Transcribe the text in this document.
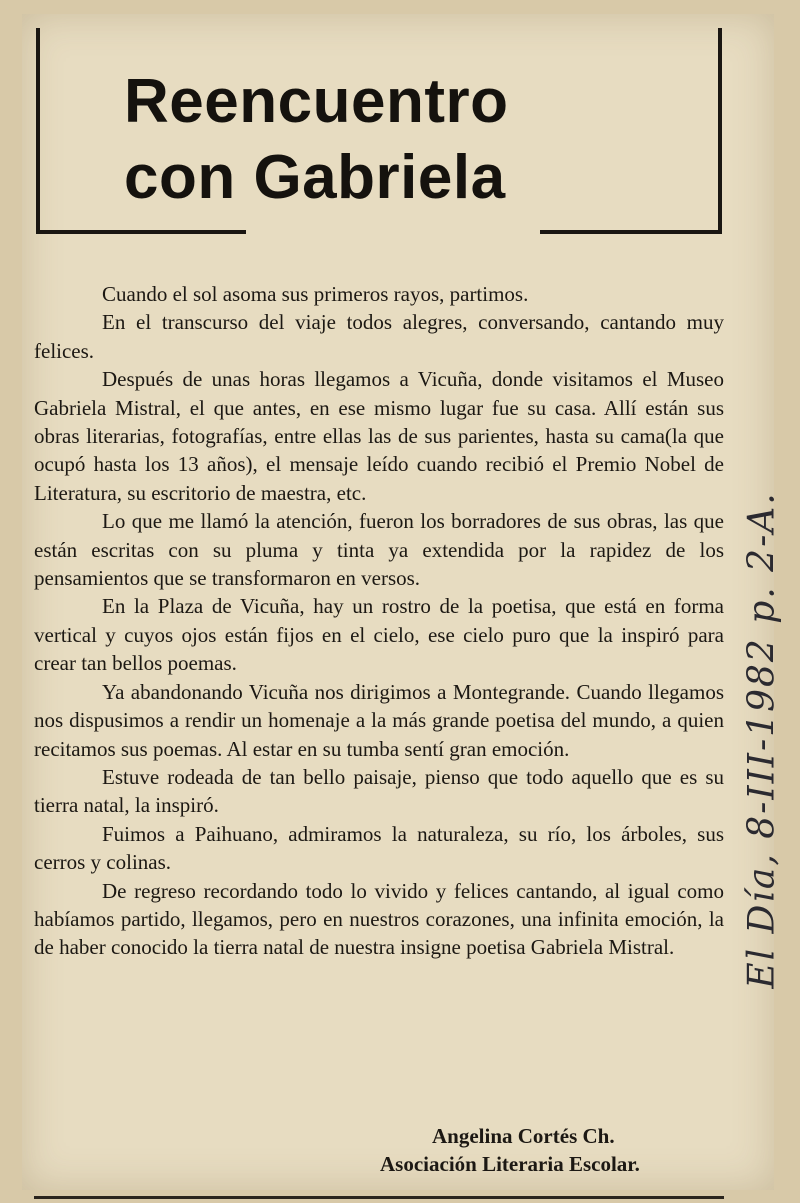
Reencuentro
con Gabriela

Cuando el sol asoma sus primeros rayos, partimos.

En el transcurso del viaje todos alegres, conversando, cantando muy felices.

Después de unas horas llegamos a Vicuña, donde visitamos el Museo Gabriela Mistral, el que antes, en ese mismo lugar fue su casa. Allí están sus obras literarias, fotografías, entre ellas las de sus parientes, hasta su cama(la que ocupó hasta los 13 años), el mensaje leído cuando recibió el Premio Nobel de Literatura, su escritorio de maestra, etc.

Lo que me llamó la atención, fueron los borradores de sus obras, las que están escritas con su pluma y tinta ya extendida por la rapidez de los pensamientos que se transformaron en versos.

En la Plaza de Vicuña, hay un rostro de la poetisa, que está en forma vertical y cuyos ojos están fijos en el cielo, ese cielo puro que la inspiró para crear tan bellos poemas.

Ya abandonando Vicuña nos dirigimos a Montegrande. Cuando llegamos nos dispusimos a rendir un homenaje a la más grande poetisa del mundo, a quien recitamos sus poemas. Al estar en su tumba sentí gran emoción.

Estuve rodeada de tan bello paisaje, pienso que todo aquello que es su tierra natal, la inspiró.

Fuimos a Paihuano, admiramos la naturaleza, su río, los árboles, sus cerros y colinas.

De regreso recordando todo lo vivido y felices cantando, al igual como habíamos partido, llegamos, pero en nuestros corazones, una infinita emoción, la de haber conocido la tierra natal de nuestra insigne poetisa Gabriela Mistral.

Angelina Cortés Ch.
Asociación Literaria Escolar.
El Día, 8-III-1982 p. 2-A.
